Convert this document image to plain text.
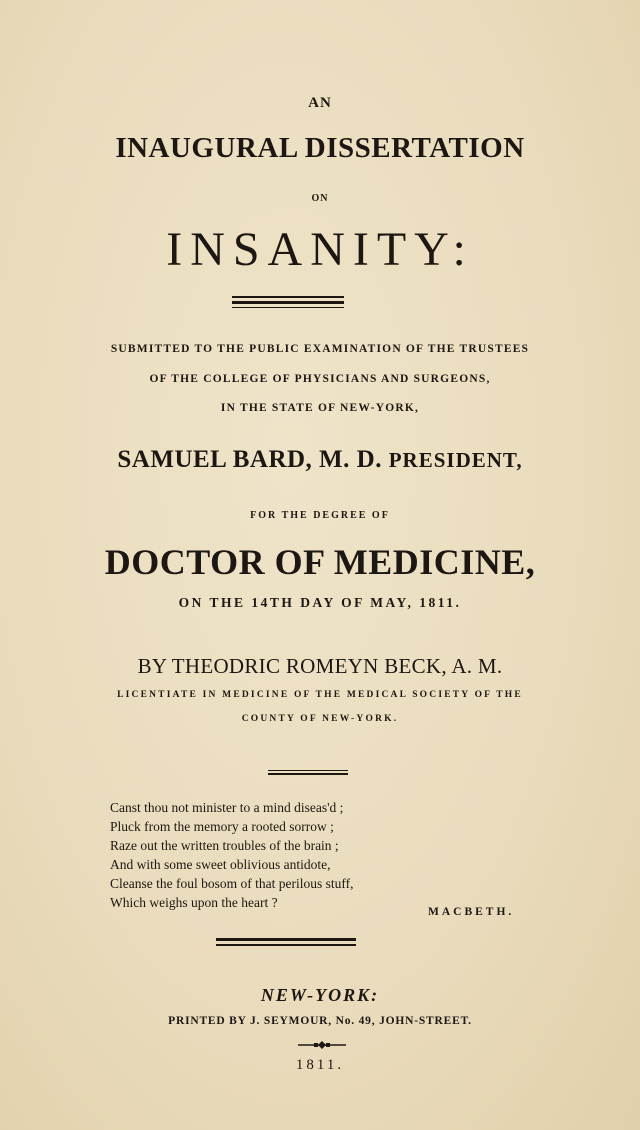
AN
INAUGURAL DISSERTATION
ON
INSANITY:
SUBMITTED TO THE PUBLIC EXAMINATION OF THE TRUSTEES
OF THE COLLEGE OF PHYSICIANS AND SURGEONS,
IN THE STATE OF NEW-YORK,
SAMUEL BARD, M. D. PRESIDENT,
FOR THE DEGREE OF
DOCTOR OF MEDICINE,
ON THE 14TH DAY OF MAY, 1811.
BY THEODRIC ROMEYN BECK, A. M.
LICENTIATE IN MEDICINE OF THE MEDICAL SOCIETY OF THE
COUNTY OF NEW-YORK.
Canst thou not minister to a mind diseas'd ;
Pluck from the memory a rooted sorrow ;
Raze out the written troubles of the brain ;
And with some sweet oblivious antidote,
Cleanse the foul bosom of that perilous stuff,
Which weighs upon the heart ?
MACBETH.
NEW-YORK:
PRINTED BY J. SEYMOUR, No. 49, JOHN-STREET.
1811.
